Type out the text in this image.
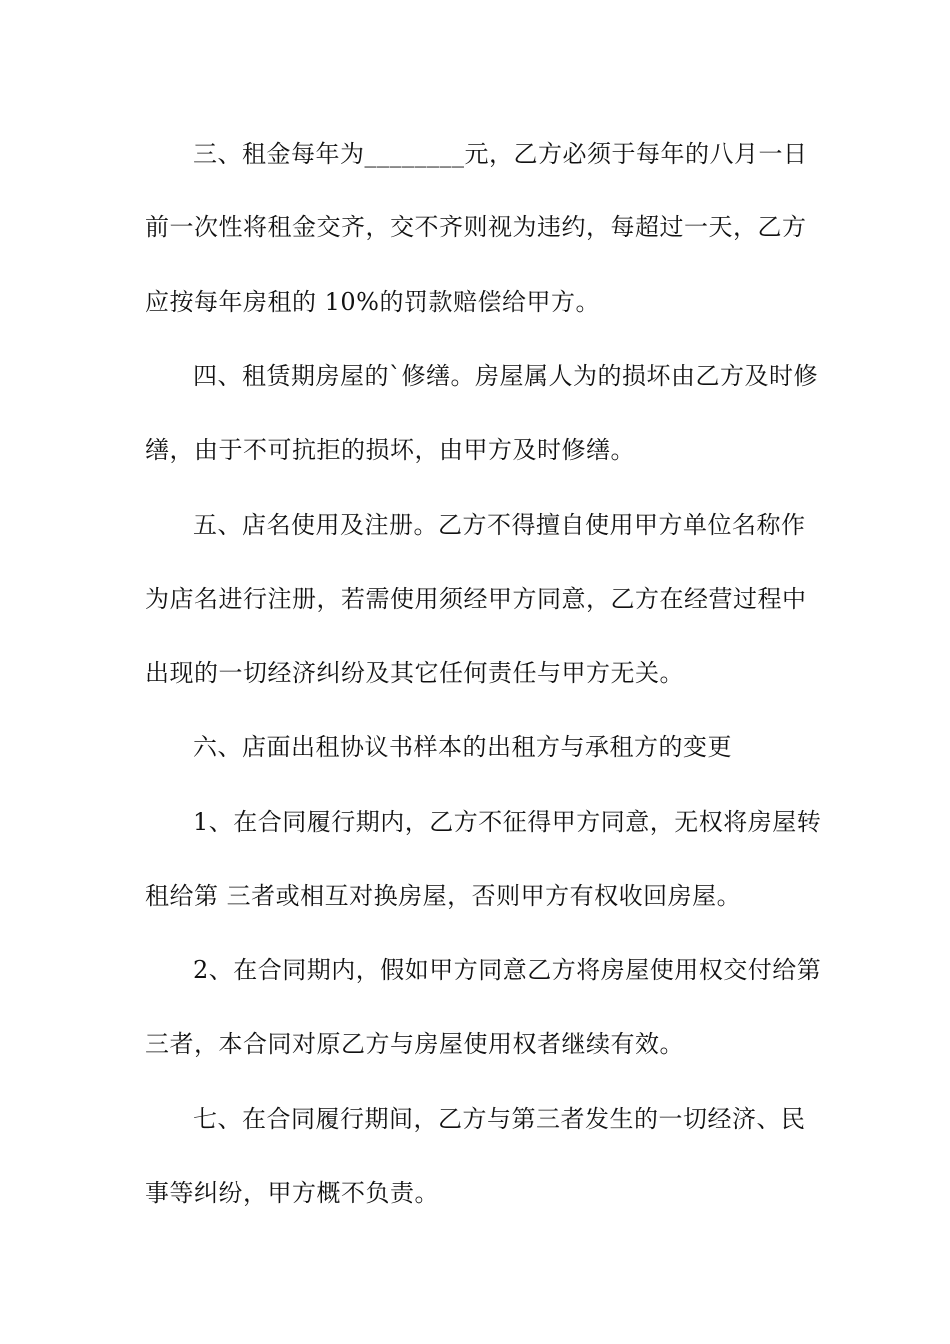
三、租金每年为________元，乙方必须于每年的八月一日
前一次性将租金交齐，交不齐则视为违约，每超过一天，乙方
应按每年房租的 10%的罚款赔偿给甲方。
四、租赁期房屋的`修缮。房屋属人为的损坏由乙方及时修
缮，由于不可抗拒的损坏，由甲方及时修缮。
五、店名使用及注册。乙方不得擅自使用甲方单位名称作
为店名进行注册，若需使用须经甲方同意，乙方在经营过程中
出现的一切经济纠纷及其它任何责任与甲方无关。
六、店面出租协议书样本的出租方与承租方的变更
1、在合同履行期内，乙方不征得甲方同意，无权将房屋转
租给第 三者或相互对换房屋，否则甲方有权收回房屋。
2、在合同期内，假如甲方同意乙方将房屋使用权交付给第
三者，本合同对原乙方与房屋使用权者继续有效。
七、在合同履行期间，乙方与第三者发生的一切经济、民
事等纠纷，甲方概不负责。
